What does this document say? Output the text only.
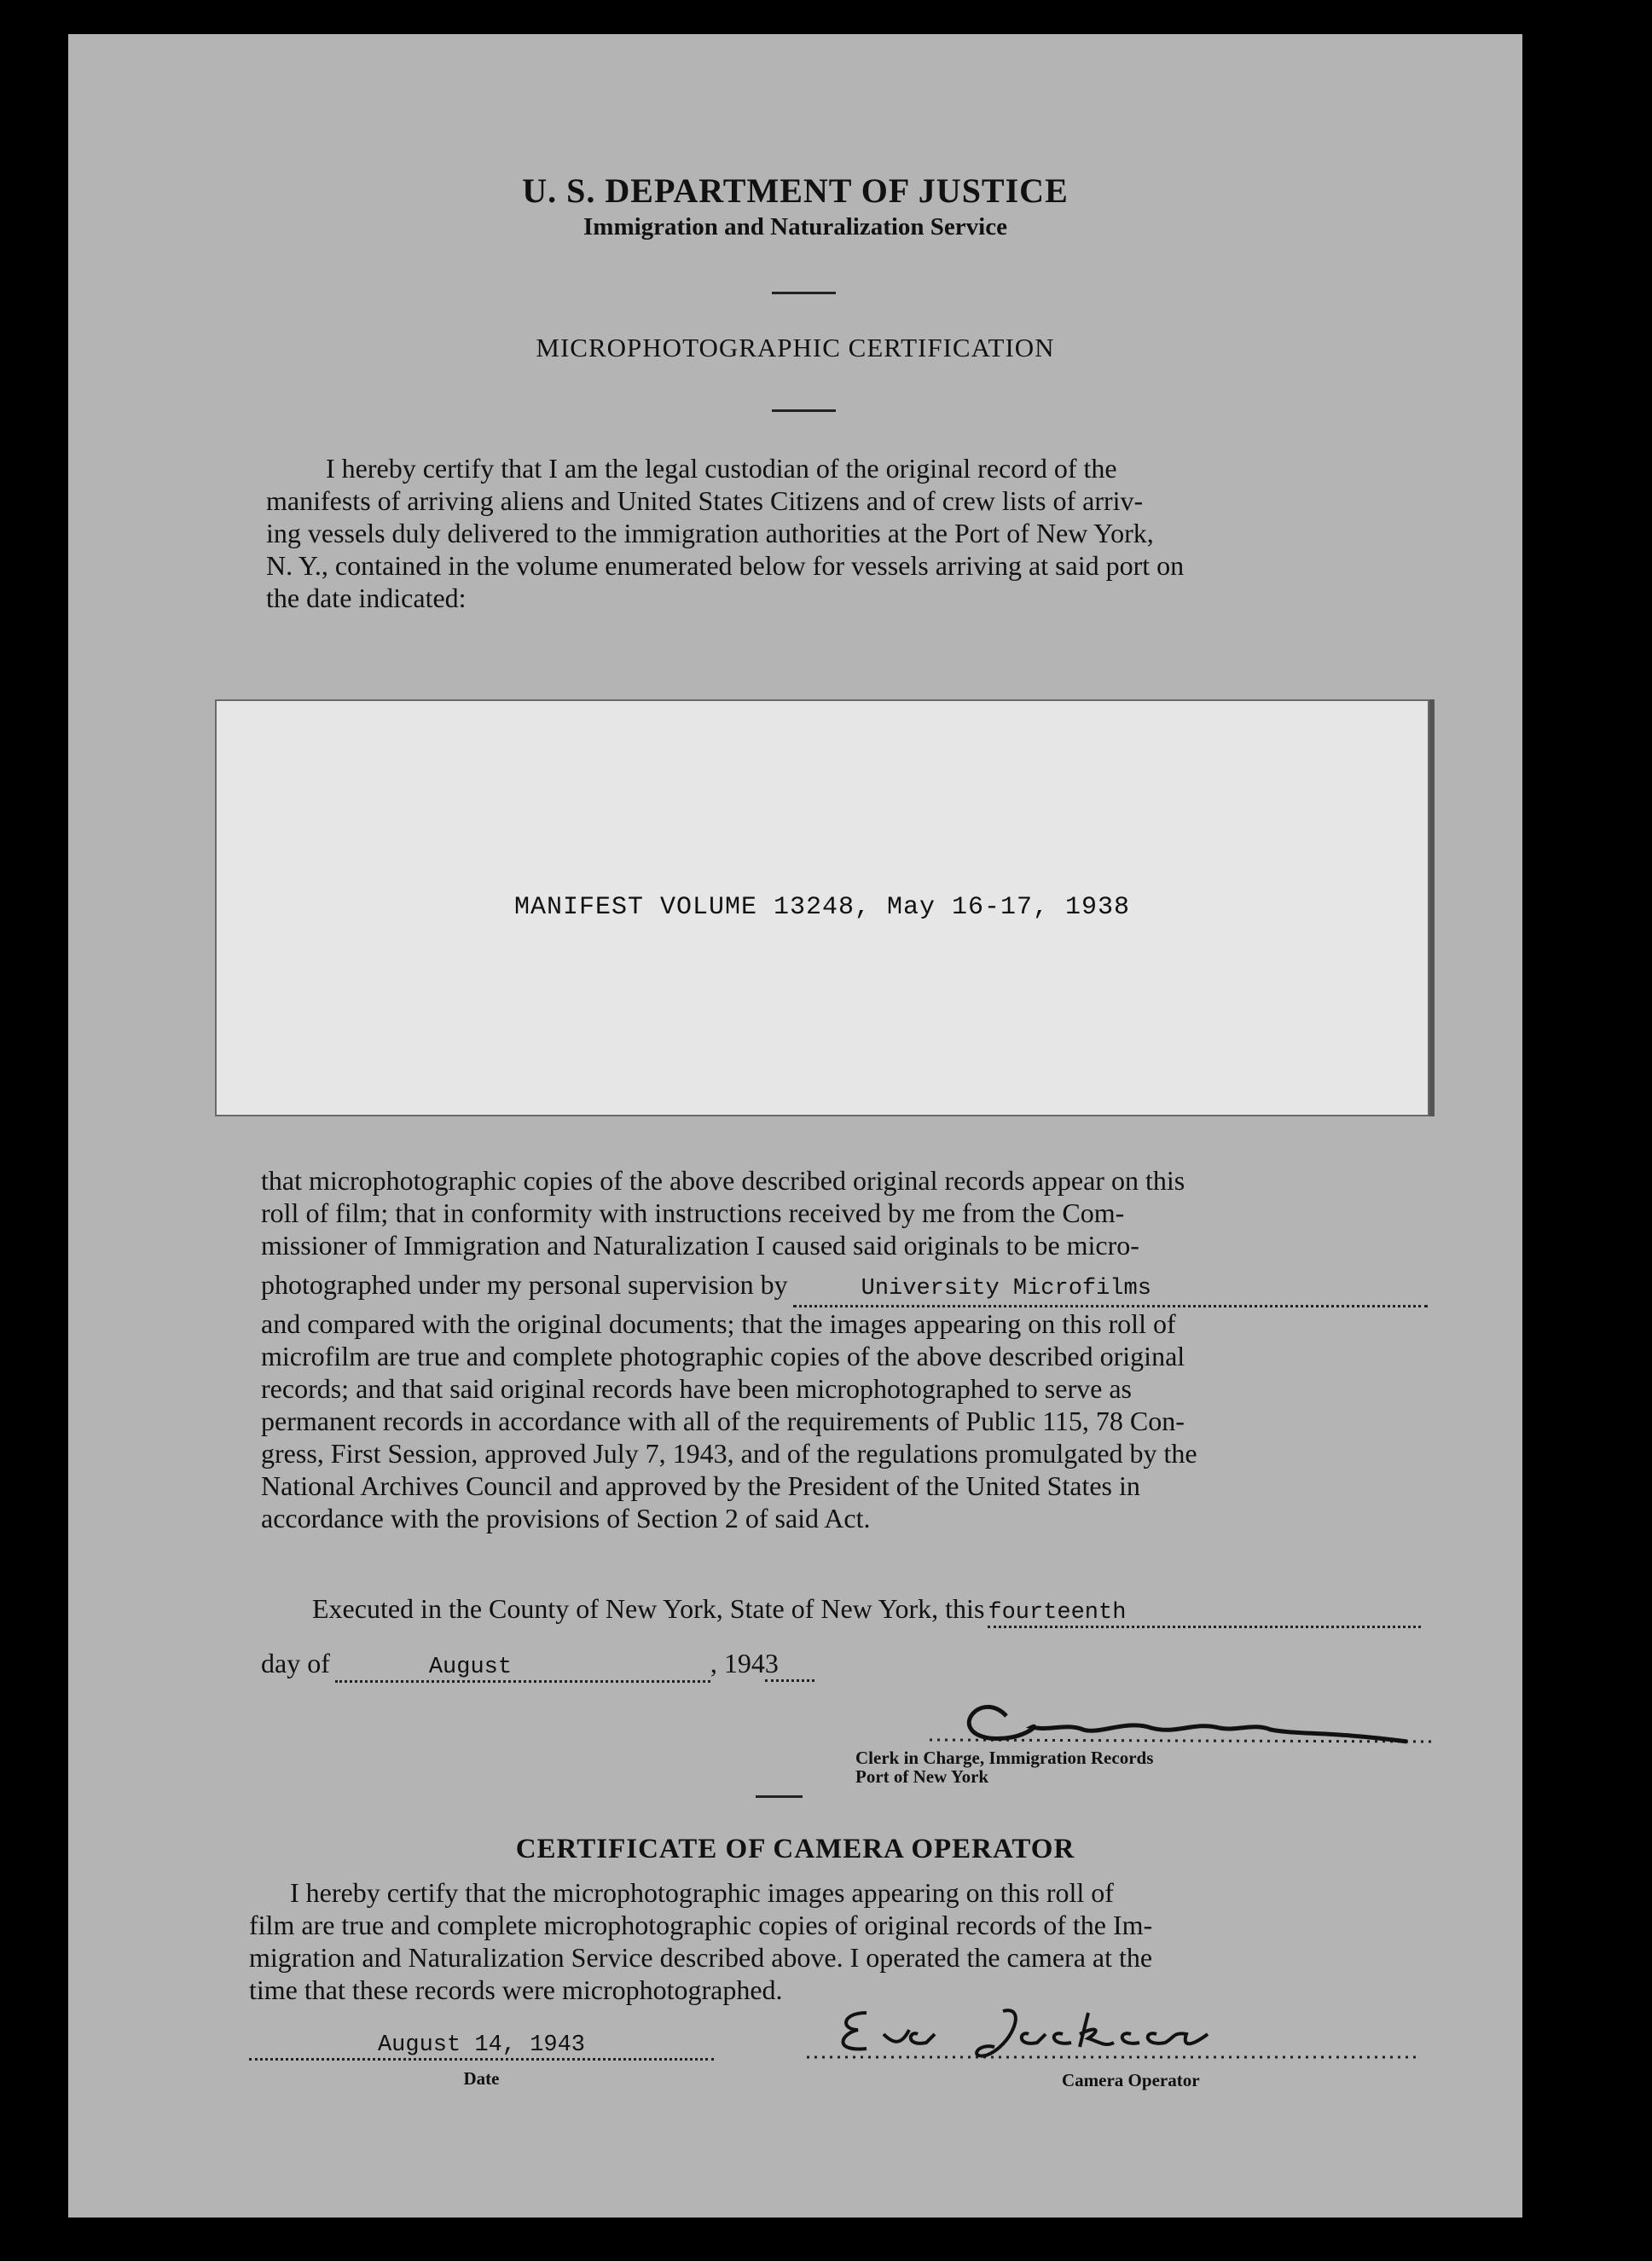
U. S. DEPARTMENT OF JUSTICE
Immigration and Naturalization Service
MICROPHOTOGRAPHIC CERTIFICATION
I hereby certify that I am the legal custodian of the original record of the
manifests of arriving aliens and United States Citizens and of crew lists of arriv-
ing vessels duly delivered to the immigration authorities at the Port of New York,
N. Y., contained in the volume enumerated below for vessels arriving at said port on
the date indicated:
MANIFEST VOLUME 13248, May 16-17, 1938
that microphotographic copies of the above described original records appear on this
roll of film; that in conformity with instructions received by me from the Com-
missioner of Immigration and Naturalization I caused said originals to be micro-
photographed under my personal supervision by	University Microfilms
and compared with the original documents; that the images appearing on this roll of
microfilm are true and complete photographic copies of the above described original
records; and that said original records have been microphotographed to serve as
permanent records in accordance with all of the requirements of Public 115, 78 Con-
gress, First Session, approved July 7, 1943, and of the regulations promulgated by the
National Archives Council and approved by the President of the United States in
accordance with the provisions of Section 2 of said Act.
Executed in the County of New York, State of New York, this fourteenth
day of	August	, 194 3
Clerk in Charge, Immigration Records
Port of New York
CERTIFICATE OF CAMERA OPERATOR
I hereby certify that the microphotographic images appearing on this roll of
film are true and complete microphotographic copies of original records of the Im-
migration and Naturalization Service described above. I operated the camera at the
time that these records were microphotographed.
August 14, 1943
Date	Camera Operator
